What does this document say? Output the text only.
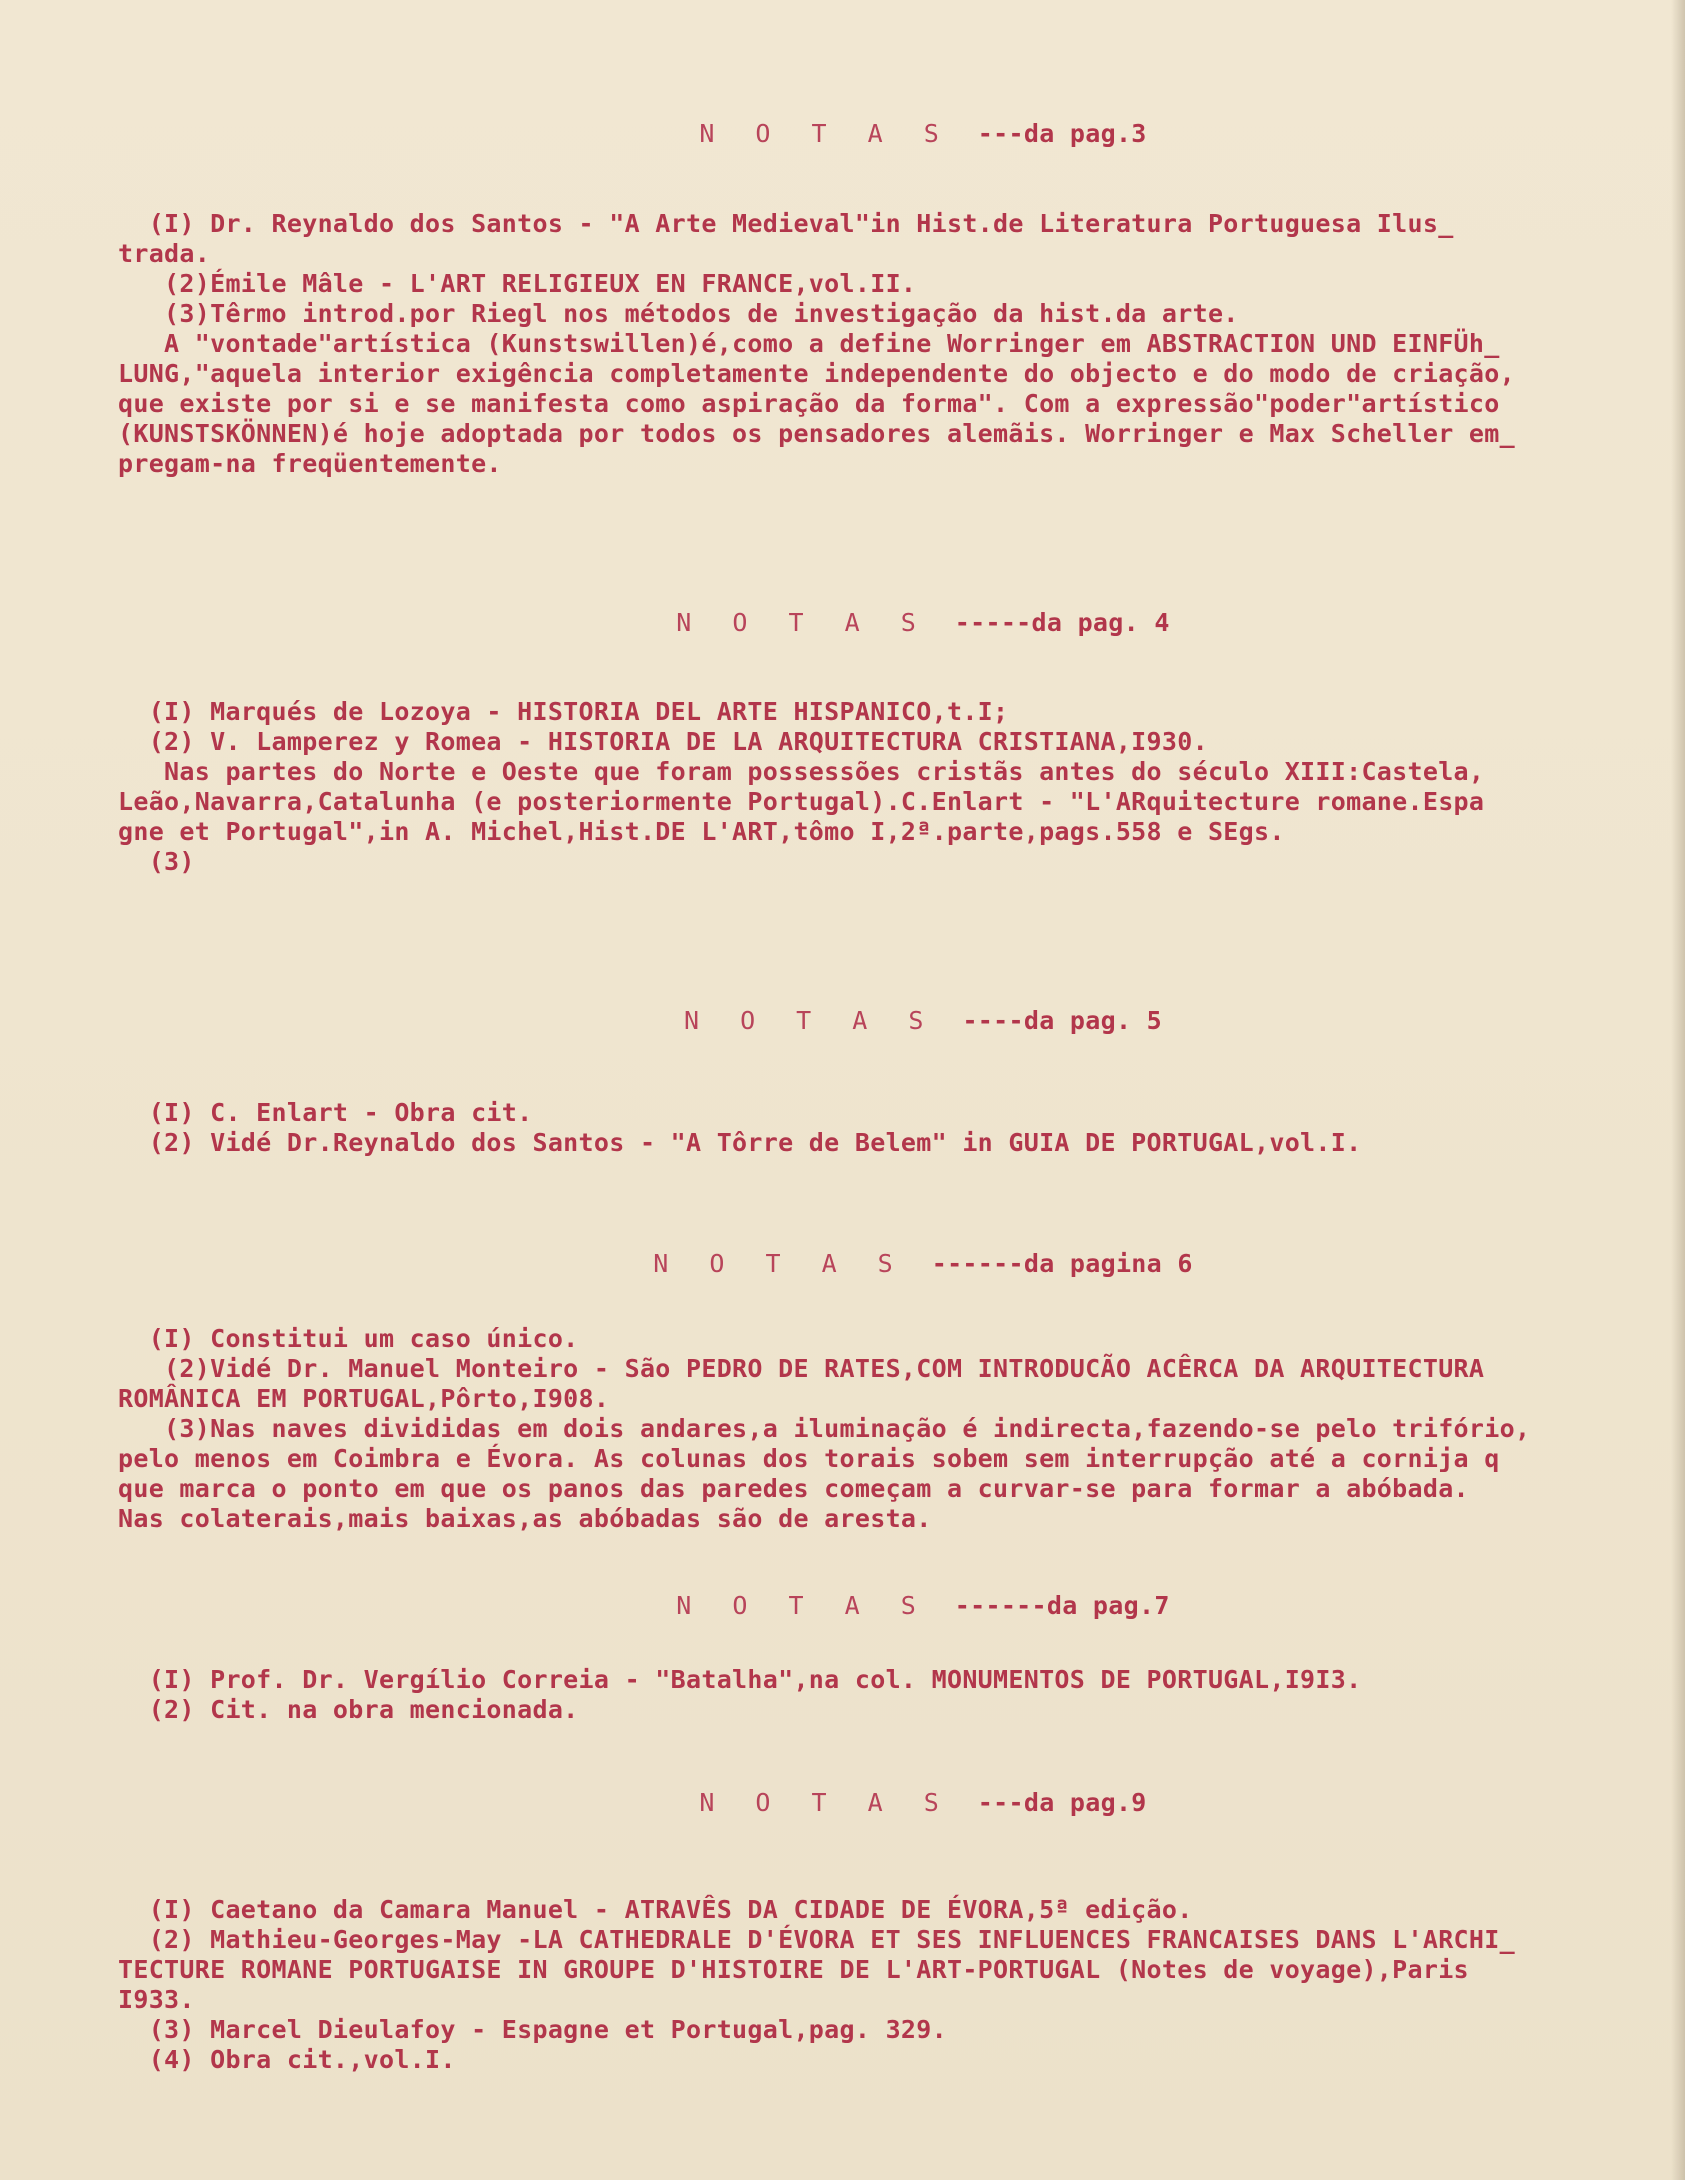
N O T A S ---da pag.3

(I) Dr. Reynaldo dos Santos - "A Arte Medieval"in Hist.de Literatura Portuguesa Ilus_

trada.

(2)Émile Mâle - L'ART RELIGIEUX EN FRANCE,vol.II.

(3)Têrmo introd.por Riegl nos métodos de investigação da hist.da arte.

A "vontade"artística (Kunstswillen)é,como a define Worringer em ABSTRACTION UND EINFÜh_

LUNG,"aquela interior exigência completamente independente do objecto e do modo de criação,

que existe por si e se manifesta como aspiração da forma". Com a expressão"poder"artístico

(KUNSTSKÖNNEN)é hoje adoptada por todos os pensadores alemãis. Worringer e Max Scheller em_

pregam-na freqüentemente.

N O T A S -----da pag. 4

(I) Marqués de Lozoya - HISTORIA DEL ARTE HISPANICO,t.I;

(2) V. Lamperez y Romea - HISTORIA DE LA ARQUITECTURA CRISTIANA,I930.

Nas partes do Norte e Oeste que foram possessões cristãs antes do século XIII:Castela,

Leão,Navarra,Catalunha (e posteriormente Portugal).C.Enlart - "L'ARquitecture romane.Espa

gne et Portugal",in A. Michel,Hist.DE L'ART,tômo I,2ª.parte,pags.558 e SEgs.

(3)

N O T A S ----da pag. 5

(I) C. Enlart - Obra cit.

(2) Vidé Dr.Reynaldo dos Santos - "A Tôrre de Belem" in GUIA DE PORTUGAL,vol.I.

N O T A S ------da pagina 6

(I) Constitui um caso único.

(2)Vidé Dr. Manuel Monteiro - São PEDRO DE RATES,COM INTRODUCÃO ACÊRCA DA ARQUITECTURA

ROMÂNICA EM PORTUGAL,Pôrto,I908.

(3)Nas naves divididas em dois andares,a iluminação é indirecta,fazendo-se pelo trifório,

pelo menos em Coimbra e Évora. As colunas dos torais sobem sem interrupção até a cornija q

que marca o ponto em que os panos das paredes começam a curvar-se para formar a abóbada.

Nas colaterais,mais baixas,as abóbadas são de aresta.

N O T A S ------da pag.7

(I) Prof. Dr. Vergílio Correia - "Batalha",na col. MONUMENTOS DE PORTUGAL,I9I3.

(2) Cit. na obra mencionada.

N O T A S ---da pag.9

(I) Caetano da Camara Manuel - ATRAVÊS DA CIDADE DE ÉVORA,5ª edição.

(2) Mathieu-Georges-May -LA CATHEDRALE D'ÉVORA ET SES INFLUENCES FRANCAISES DANS L'ARCHI_

TECTURE ROMANE PORTUGAISE IN GROUPE D'HISTOIRE DE L'ART-PORTUGAL (Notes de voyage),Paris

I933.

(3) Marcel Dieulafoy - Espagne et Portugal,pag. 329.

(4) Obra cit.,vol.I.
